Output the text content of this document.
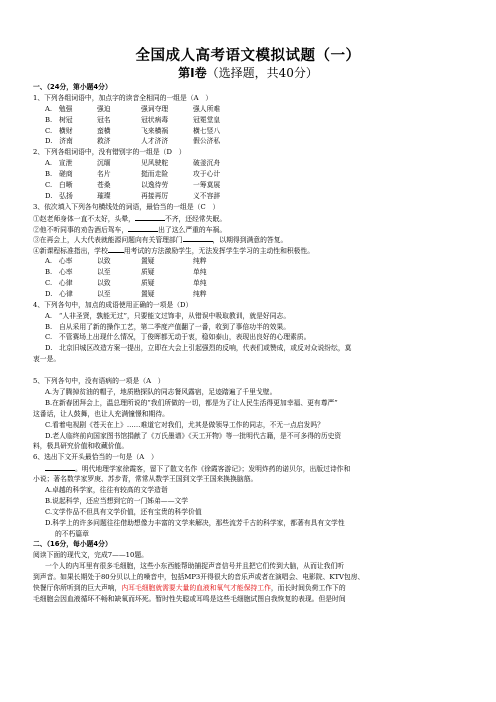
全国成人高考语文模拟试题（一）
第Ⅰ卷（选择题，共40分）
一、（24分，第小题4分）
1、下列各组词语中，加点字的读音全相同的一组是（A　）
A.　勉强	强迫	强词夺理	强人所难
B.　树冠	冠名	冠状病毒	冠冕堂皇
C.　横财	蛮横	飞来横祸	横七竖八
D.　济南	救济	人才济济	假公济私
2、下列各组词语中，没有错别字的一组是（D　）
A.　宣泄	沉缅	见风驶舵	破釜沉舟
B.　磋商	名片	挺而走险	攻于心计
C.　白晰	苍桑	以逸待劳	一筹莫展
D.　弘扬	璀璨	再接再厉	义不容辞
3、依次填入下列各句横线处的词语，最恰当的一组是（C　）
①赵老师身体一直不太好，头晕，	不齐，还经常失眠。
②他不听同事的劝告酒后驾车，	出了这么严重的车祸。
③在再会上，人大代表就能源问题向有关管理部门	，以期得到满意的答复。
④新课程标准指出，学校 用考试的方法激励学生，无法发挥学生学习的主动性和积极性。
A.　心率	以致	置疑	纯粹
B.　心率	以至	质疑	单纯
C.　心律	以致	质疑	单纯
D.　心律	以至	置疑	纯粹
4、下列各句中，加点的成语使用正确的一项是（D）
A.　“人非圣贤，孰能无过”，只要能文过饰非，从错误中吸取教训，就是好同志。
B.　自从采用了新的操作工艺，第二季度产值翻了一番，收到了事倍功半的效果。
C.　不管赛场上出现什么情况，丁俊晖都无动于衷，稳如泰山，表现出良好的心理素质。
D.　北京旧城区改造方案一提出，立即在大会上引起强烈的反响，代表们或赞成，或反对众说纷纭，莫
衷一是。
5、下列各句中，没有语病的一项是（A　）
A.为了腾掉贫油的帽子，地质勘探队的同志餐风露宿，足迹踏遍了千里戈壁。
B.在新春团拜会上，温总理所说的“我们所做的一切，都是为了让人民生活得更加幸福、更有尊严”
这番话，让人鼓舞，也让人充满憧憬和期待。
C.看着电视剧《苍天在上》……难道它对我们，尤其是做领导工作的同志，不无一点启发吗？
D.老人临终前向国家图书馆捐献了《万氏墨谱》《天工开物》等一批明代古籍，是不可多得的历史资
料，极具研究价值和收藏价值。
6、选出下文开头最恰当的一句是（A　）
。明代地理学家徐霞客，留下了散文名作《徐霞客游记》；发明炸药的诺贝尔，出版过诗作和
小说；著名数学家罗庚、苏步青，常常从数学王国到文学王国来换换脑筋。
A.卓越的科学家，往往有较高的文学造诣
B.说起科学，还应当想到它的一门姊弟——文学
C.文学作品不但具有文学价值，还有宝贵的科学价值
D.科学上的许多问题往往借助想像力丰富的文学来解决，那些流芳千古的科学家，都著有具有文学性
的不朽篇章
二、（16分，每小题4分）
阅读下面的现代文，完成7——10题。
一个人的内耳里有很多毛细胞，这些小东西能帮助捕捉声音信号并且把它们传到大脑，从而让我们听
到声音。如果长期处于80分贝以上的噪音中，包括MP3开得很大的音乐声或者在演唱会、电影院、KTV包房、
快餐厅你所听到的巨大声响，内耳毛细胞就需要大量的血液和氧气才能保持工作，而长时间负荷工作下的
毛细胞会因血液循环不畅和缺氧而坏死。暂时性失聪或耳鸣是这些毛细胞试图自我恢复的表现。但是时间
